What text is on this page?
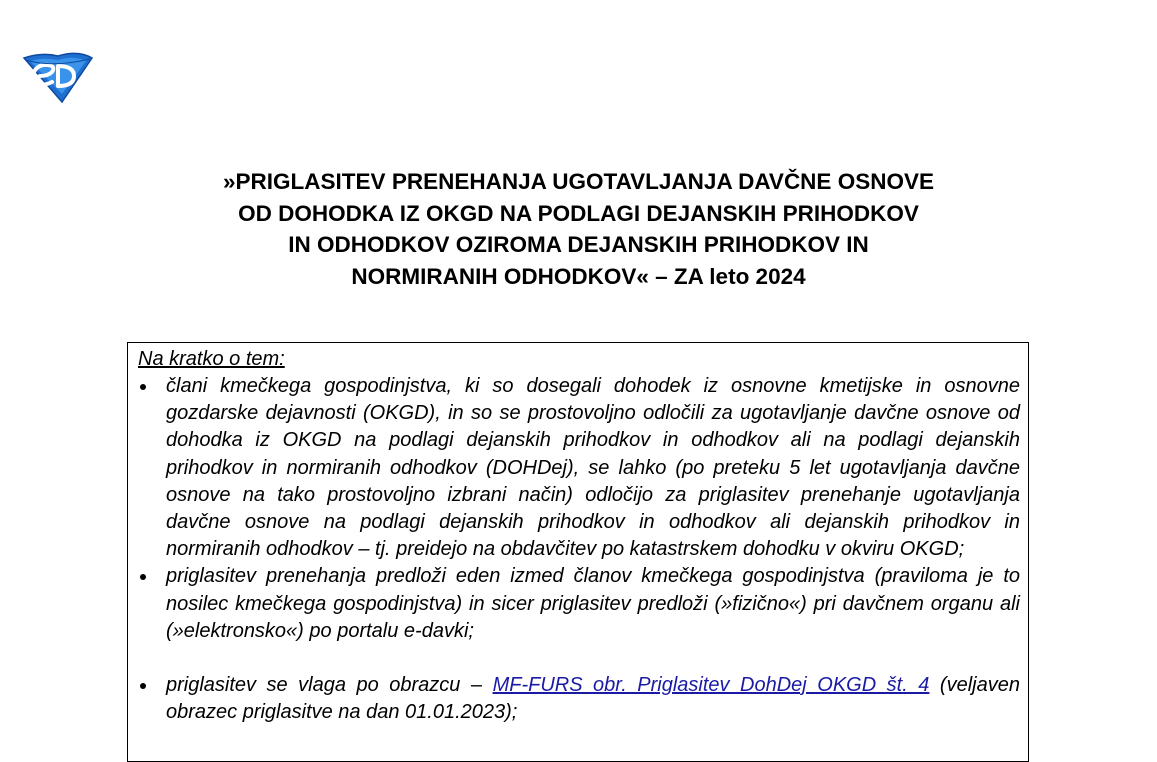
»PRIGLASITEV PRENEHANJA UGOTAVLJANJA DAVČNE OSNOVE
OD DOHODKA IZ OKGD NA PODLAGI DEJANSKIH PRIHODKOV
IN ODHODKOV OZIROMA DEJANSKIH PRIHODKOV IN
NORMIRANIH ODHODKOV« – ZA leto 2024
Na kratko o tem:
člani kmečkega gospodinjstva, ki so dosegali dohodek iz osnovne kmetijske in osnovne gozdarske dejavnosti (OKGD), in so se prostovoljno odločili za ugotavljanje davčne osnove od dohodka iz OKGD na podlagi dejanskih prihodkov in odhodkov ali na podlagi dejanskih prihodkov in normiranih odhodkov (DOHDej), se lahko (po preteku 5 let ugotavljanja davčne osnove na tako prostovoljno izbrani način) odločijo za priglasitev prenehanje ugotavljanja davčne osnove na podlagi dejanskih prihodkov in odhodkov ali dejanskih prihodkov in normiranih odhodkov – tj. preidejo na obdavčitev po katastrskem dohodku v okviru OKGD;
priglasitev prenehanja predloži eden izmed članov kmečkega gospodinjstva (praviloma je to nosilec kmečkega gospodinjstva) in sicer priglasitev predloži (»fizično«) pri davčnem organu ali (»elektronsko«) po portalu e-davki;
priglasitev se vlaga po obrazcu – MF-FURS obr. Priglasitev DohDej OKGD št. 4 (veljaven obrazec priglasitve na dan 01.01.2023);
